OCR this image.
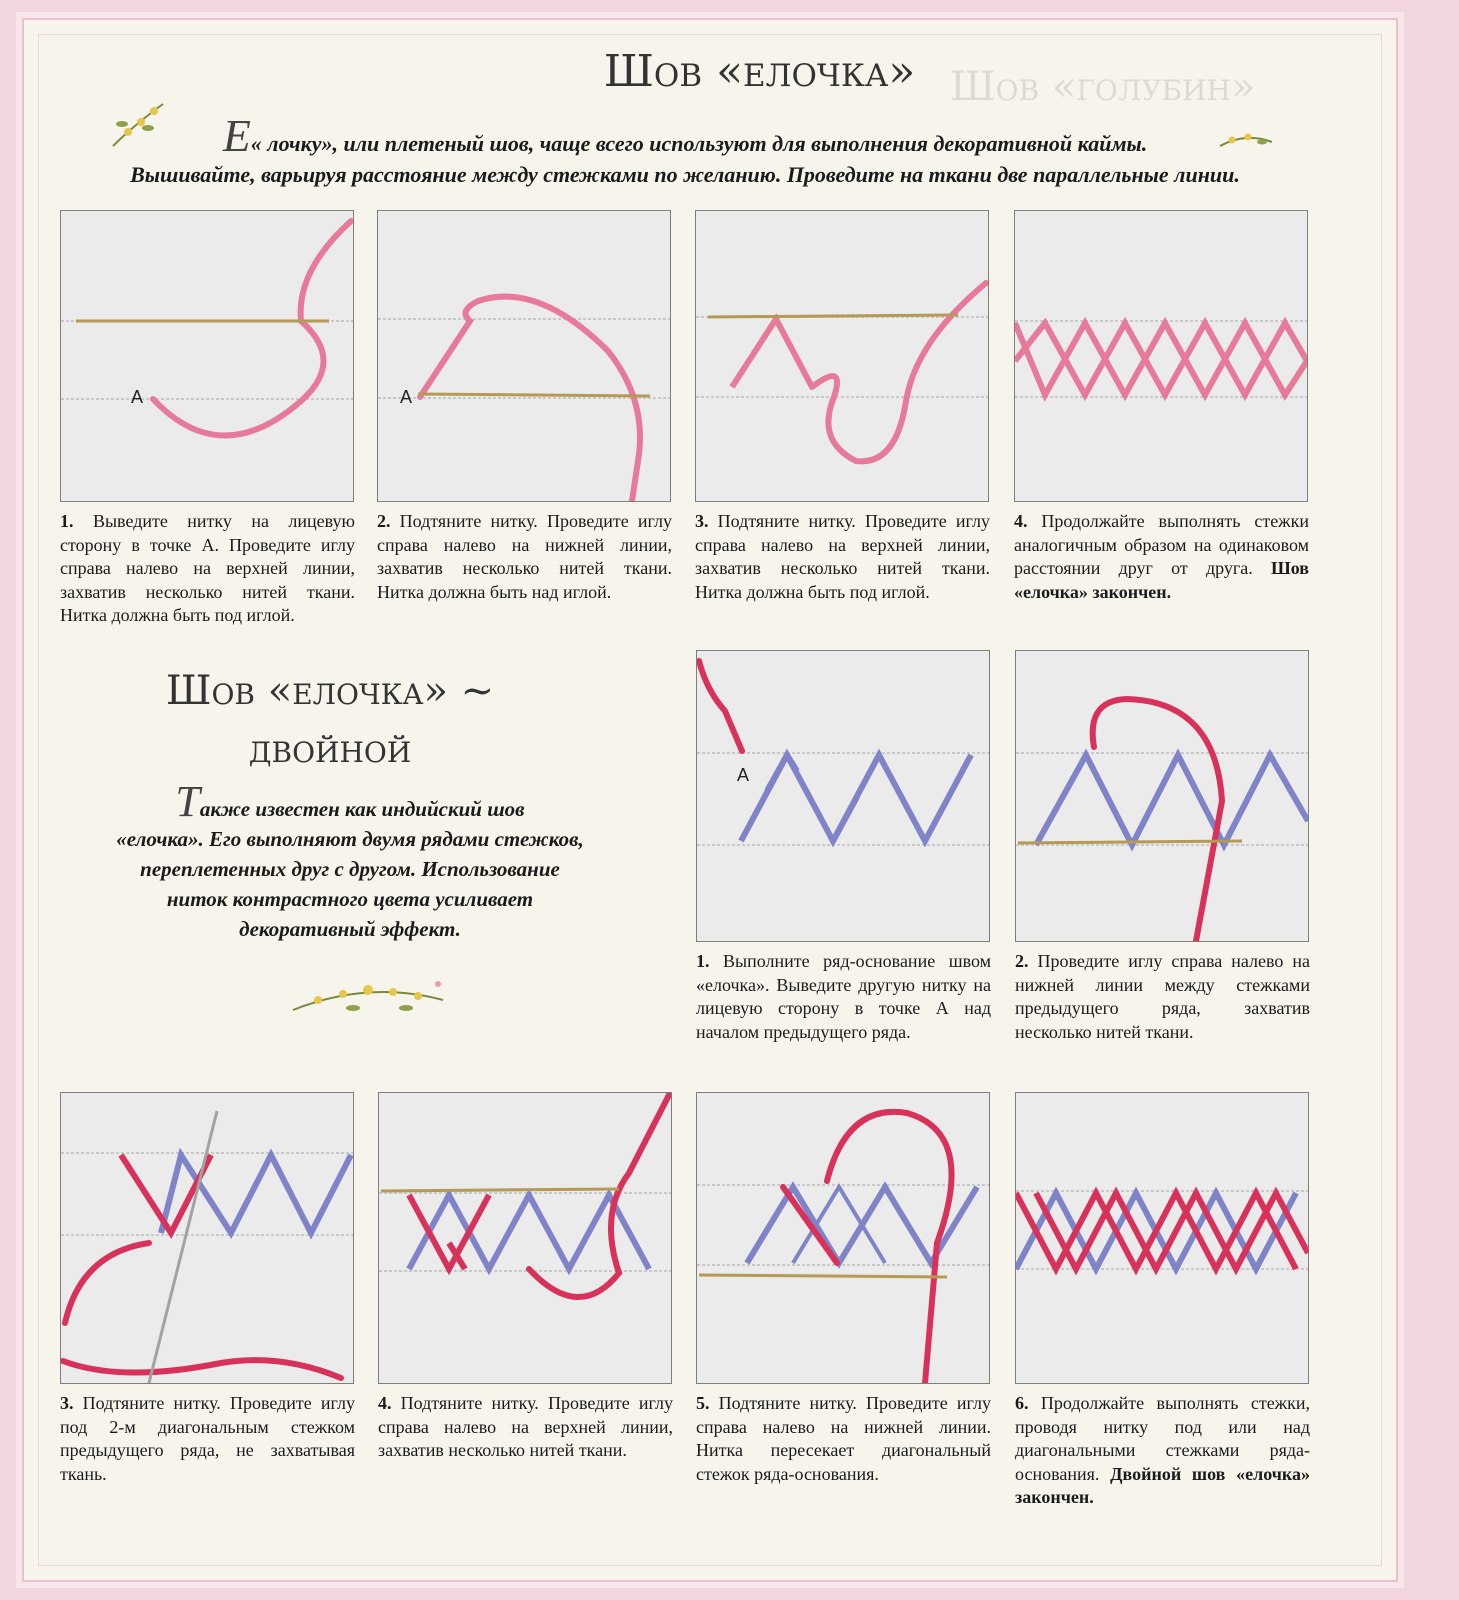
Шов «голубин»
Шов «елочка»
Е« лочку», или плетеный шов, чаще всего используют для выполнения декоративной каймы.
Вышивайте, варьируя расстояние между стежками по желанию. Проведите на ткани две параллельные линии.
А	А
1. Выведите нитку на лицевую сторону в точке А. Проведите иглу справа налево на верхней линии, захватив несколько нитей ткани. Нитка должна быть под иглой.
2. Подтяните нитку. Проведите иглу справа налево на нижней линии, захватив несколько нитей ткани. Нитка должна быть над иглой.
3. Подтяните нитку. Проведите иглу справа налево на верхней линии, захватив несколько нитей ткани. Нитка должна быть под иглой.
4. Продолжайте выполнять стежки аналогичным образом на одинаковом расстоянии друг от друга. Шов «елочка» закончен.
Шов «елочка» ~
двойной
Также известен как индийский шов
«елочка». Его выполняют двумя рядами стежков,
переплетенных друг с другом. Использование
ниток контрастного цвета усиливает
декоративный эффект.
А
1. Выполните ряд-основание швом «елочка». Выведите другую нитку на лицевую сторону в точке А над началом предыдущего ряда.
2. Проведите иглу справа налево на нижней линии между стежками предыдущего ряда, захватив несколько нитей ткани.
3. Подтяните нитку. Проведите иглу под 2-м диагональным стежком предыдущего ряда, не захватывая ткань.
4. Подтяните нитку. Проведите иглу справа налево на верхней линии, захватив несколько нитей ткани.
5. Подтяните нитку. Проведите иглу справа налево на нижней линии. Нитка пересекает диагональный стежок ряда-основания.
6. Продолжайте выполнять стежки, проводя нитку под или над диагональными стежками ряда-основания. Двойной шов «елочка» закончен.
